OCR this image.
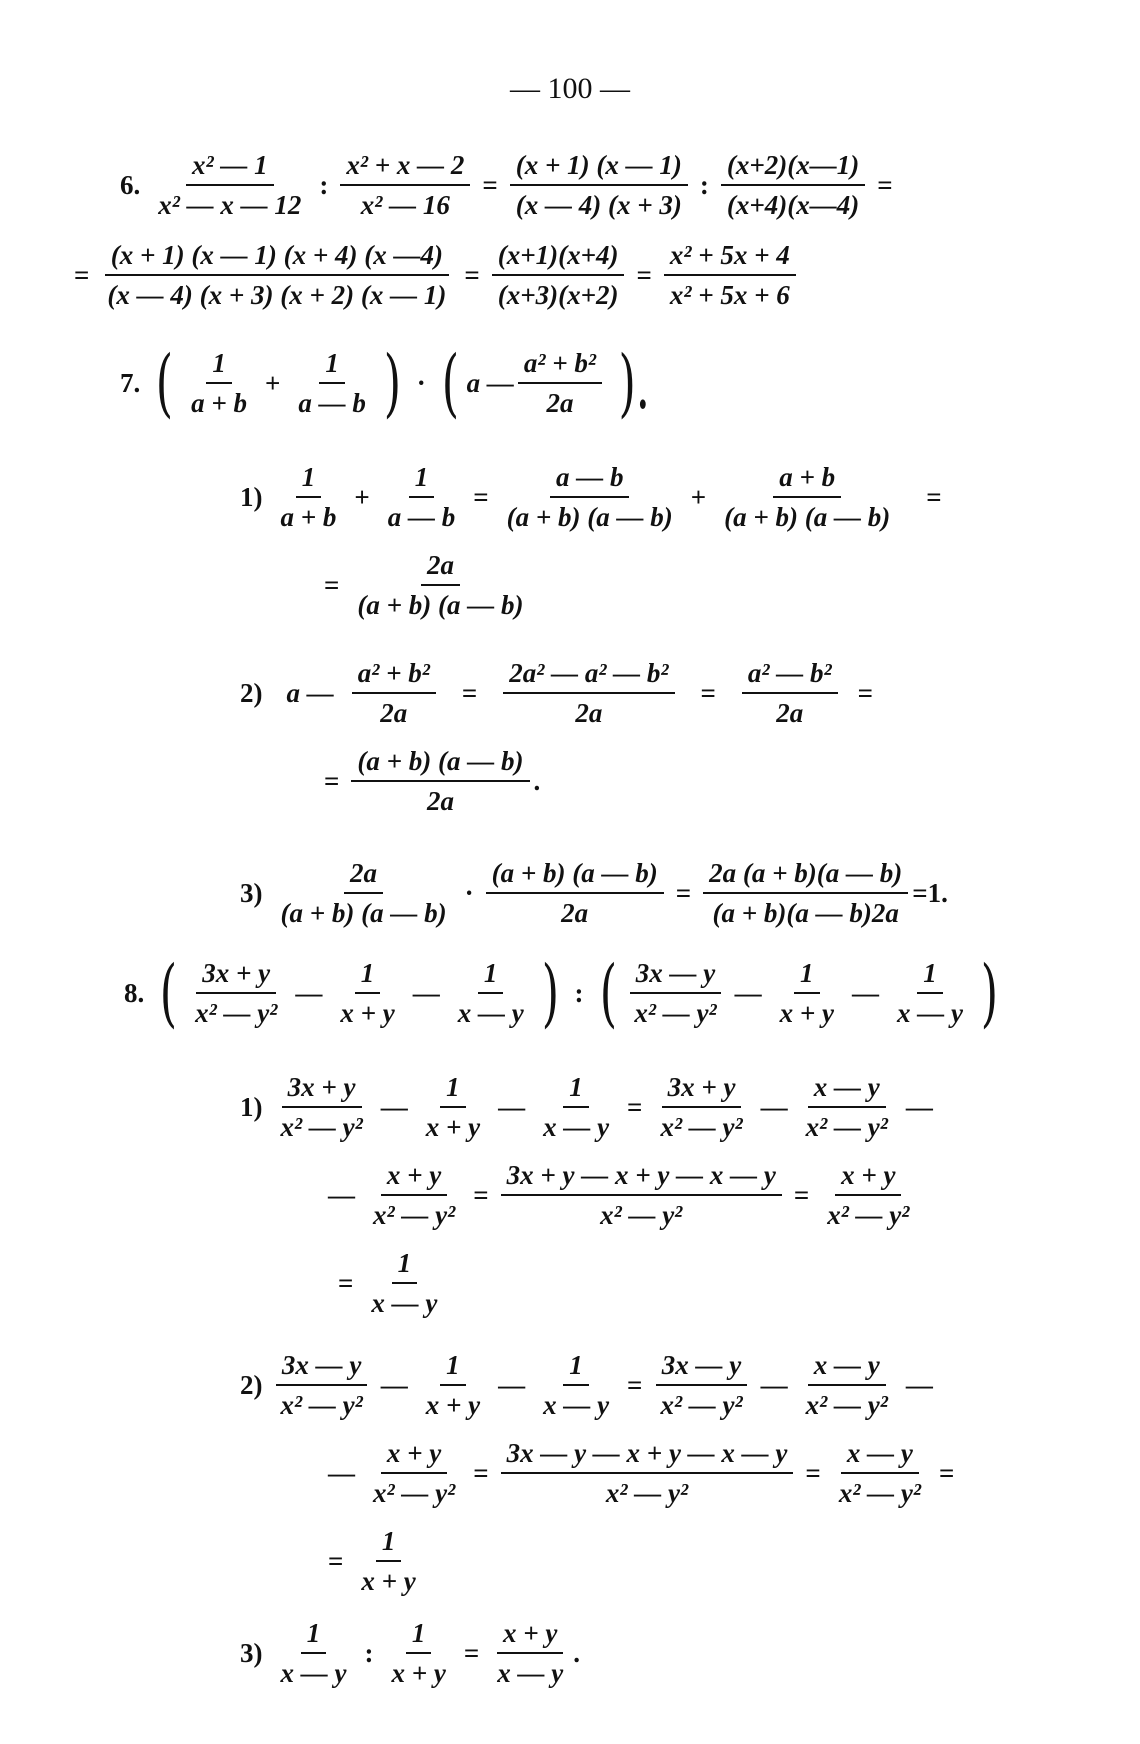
— 100 —
6. $\frac{\text{x² — 1}}{\text{x² — x — 12}}$ : $\frac{\text{x² + x — 2}}{\text{x² — 16}} = \frac{(x + 1) (x — 1)}{(x — 4) (x + 3)}$ : $\frac{(x+2)(x—1)}{(x+4)(x—4)}$ =
= $\frac{(x + 1) (x — 1) (x + 4) (x —4)}{(x — 4) (x + 3) (x + 2) (x — 1)} = \frac{(x+1)(x+4)}{(x+3)(x+2)} = \frac{\text{x² + 5x + 4}}{\text{x² + 5x + 6}}$
7. ( $\frac{1}{a + b} + \frac{1}{a — b}$ ) · ( a — $\frac{\text{a² + b²}}{2a}$ ).
$1) \frac{1}{a + b} + \frac{1}{a — b} = \frac{a — b}{(a + b) (a — b)} + \frac{a + b}{(a + b) (a — b)}$ =
= $\frac{2a}{(a + b) (a — b)}$
2) a — $\frac{\text{a² + b²}}{2a} = \frac{\text{2a² — a² — b²}}{2a} = \frac{\text{a² — b²}}{2a}$ =
= $\frac{(a + b) (a — b)}{2a}$ .
$3) \frac{2a}{(a + b) (a — b)} \cdot \frac{(a + b) (a — b)}{2a} = \frac{2a (a + b)(a — b)}{(a + b)(a — b)2a} =1$.
8. ( $\frac{3x + y}{\text{x² — y²}}$ — $\frac{1}{x + y}$ — $\frac{1}{x — y}$ ) : ( $\frac{3x — y}{\text{x² — y²}}$ — $\frac{1}{x + y}$ — $\frac{1}{x — y}$ )
$1) \frac{3x + y}{\text{x² — y²}}$ — $\frac{1}{x + y}$ — $\frac{1}{x — y} = \frac{3x + y}{\text{x² — y²}}$ — $\frac{x — y}{\text{x² — y²}}$ —
— $\frac{x + y}{\text{x² — y²}} = \frac{3x + y — x + y — x — y}{\text{x² — y²}} = \frac{x + y}{\text{x² — y²}}$
= $\frac{1}{x — y}$
$2) \frac{3x — y}{\text{x² — y²}}$ — $\frac{1}{x + y}$ — $\frac{1}{x — y} = \frac{3x — y}{\text{x² — y²}}$ — $\frac{x — y}{\text{x² — y²}}$ —
— $\frac{x + y}{\text{x² — y²}} = \frac{3x — y — x + y — x — y}{\text{x² — y²}} = \frac{x — y}{\text{x² — y²}}$ =
= $\frac{1}{x + y}$
$3) \frac{1}{x — y}$ : $\frac{1}{x + y} = \frac{x + y}{x — y}$ .
